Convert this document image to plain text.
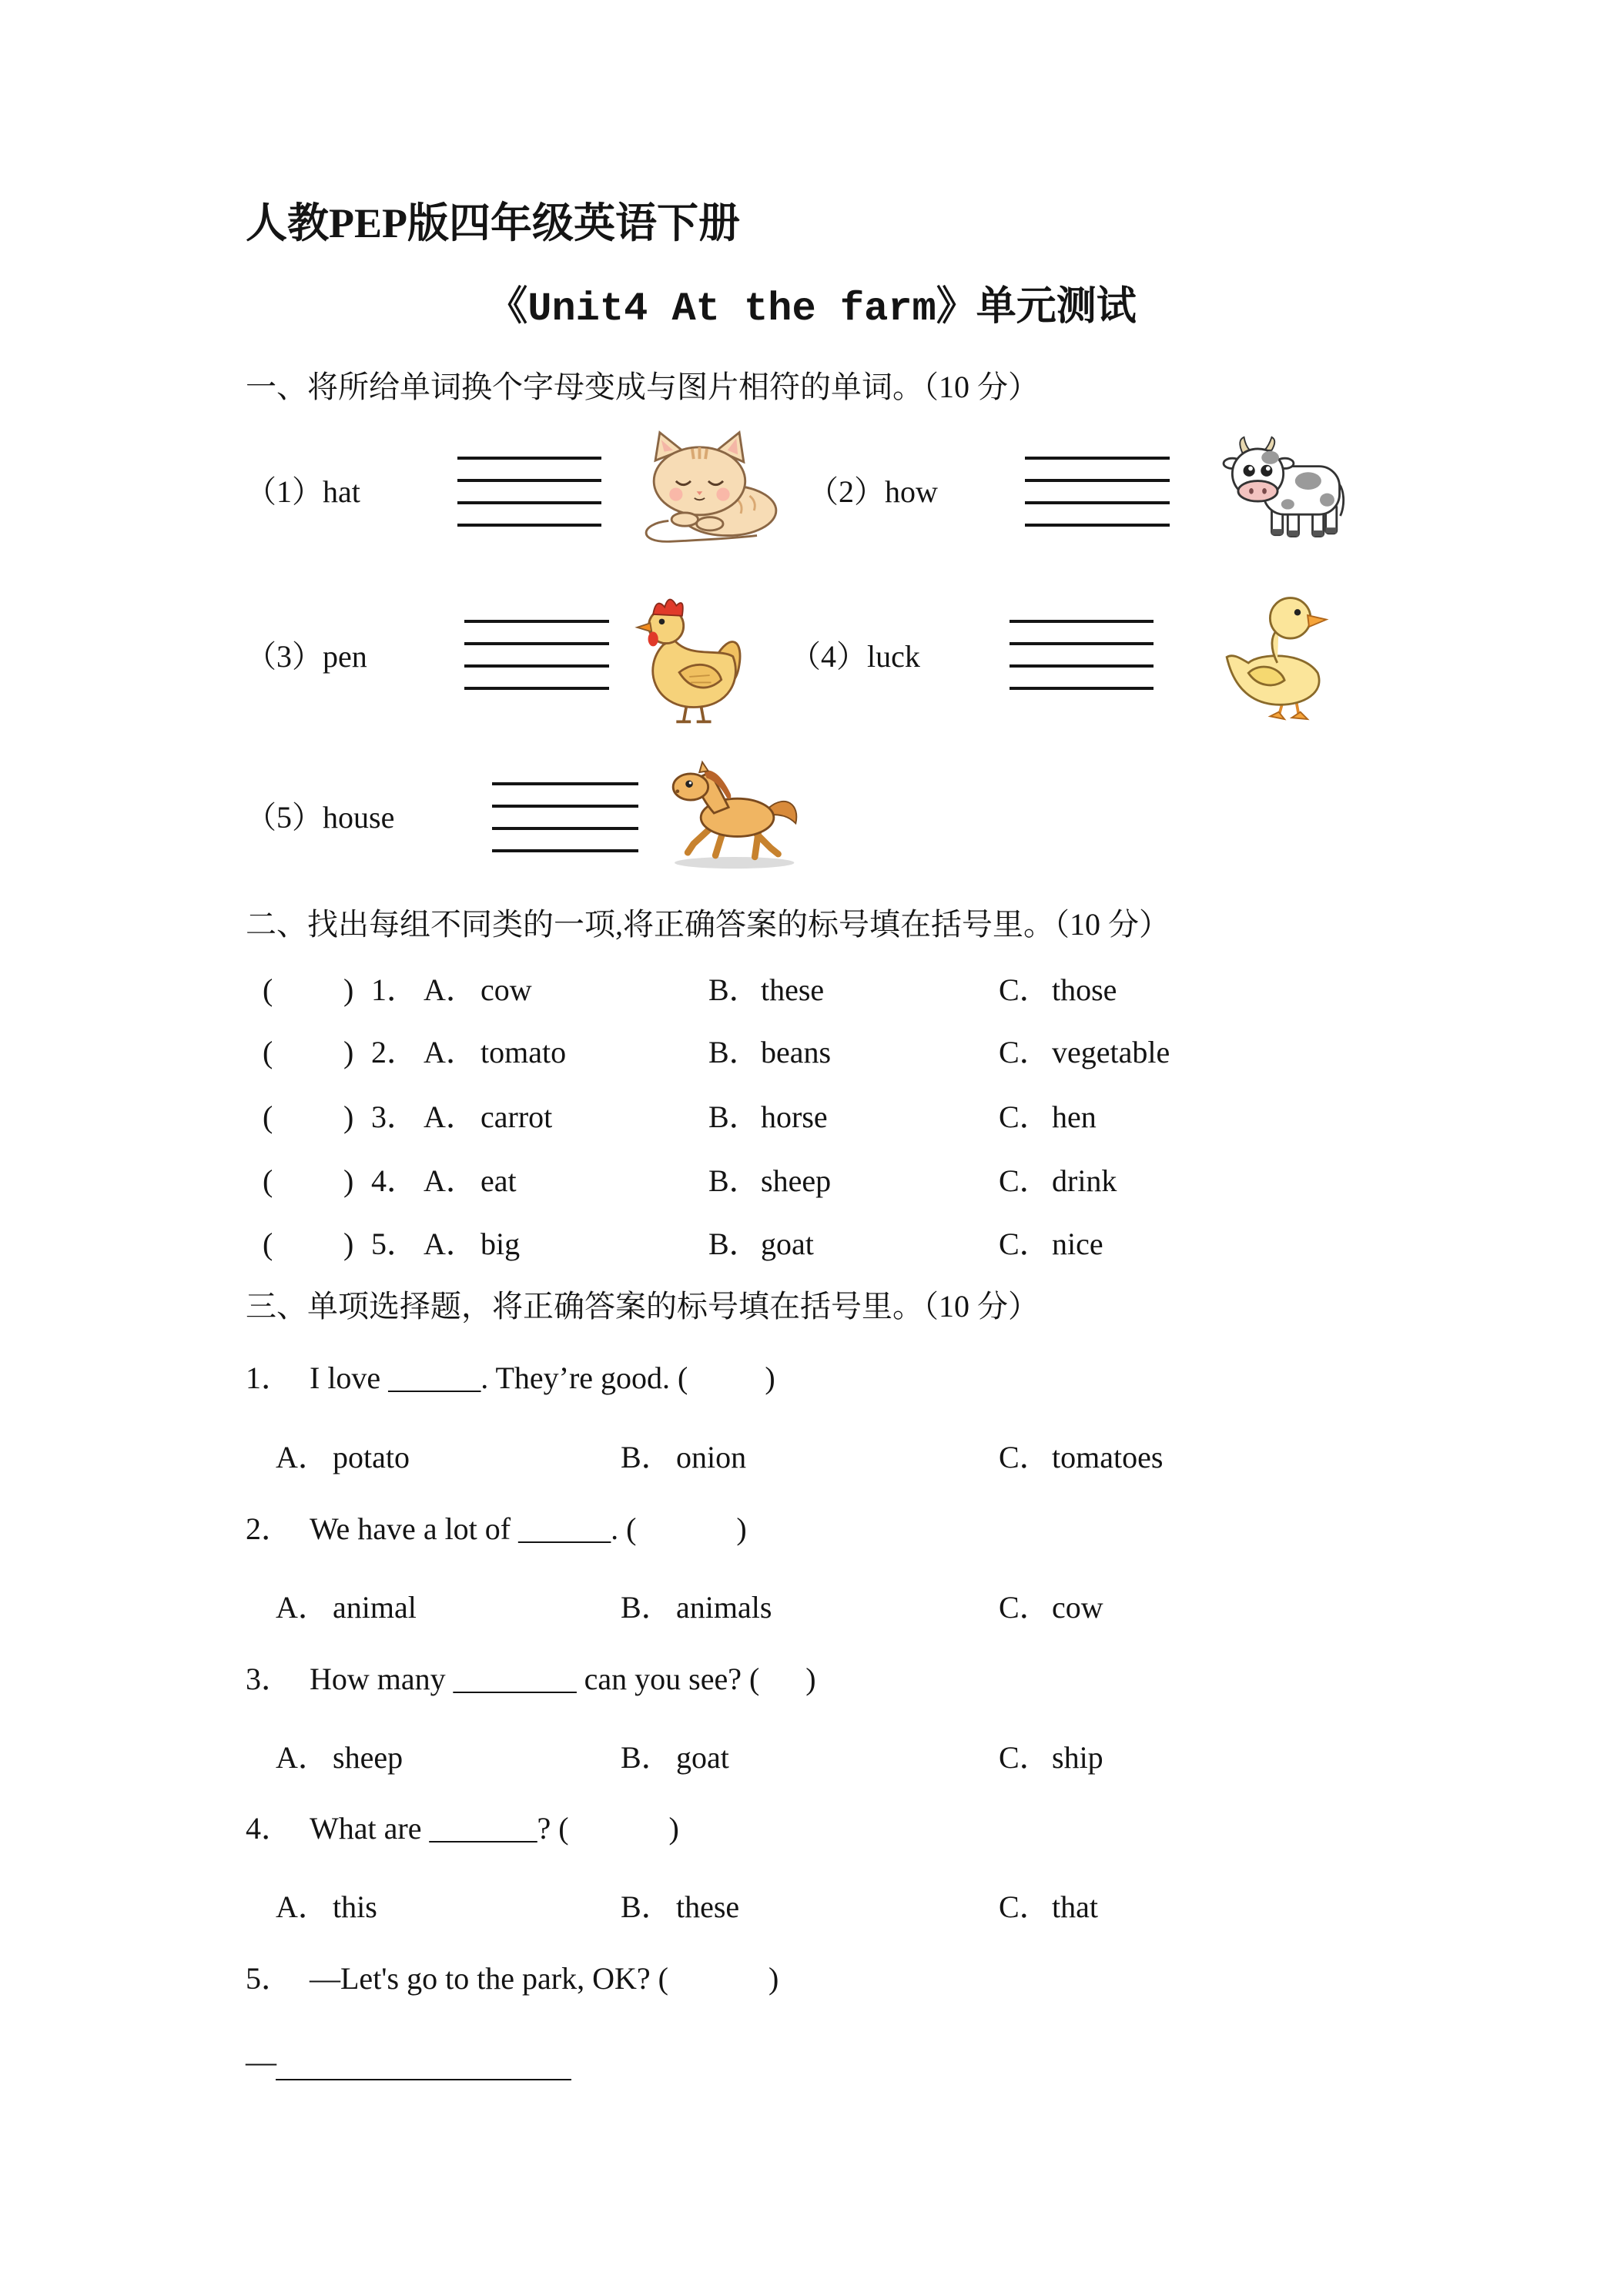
人教PEP版四年级英语下册
《Unit4 At the farm》单元测试
一、将所给单词换个字母变成与图片相符的单词。（10 分）
（1）hat	（2）how
（3）pen	（4）luck
（5）house
二、找出每组不同类的一项,将正确答案的标号填在括号里。（10 分）
( ) 1． A． cow	B． these	C． those
( ) 2． A． tomato	B． beans	C． vegetable
( ) 3． A． carrot	B． horse	C． hen
( ) 4． A． eat	B． sheep	C． drink
( ) 5． A． big	B． goat	C． nice
三、单项选择题，将正确答案的标号填在括号里。（10 分）
1． I love ______. They’re good. (          )
A． potato	B． onion	C． tomatoes
2． We have a lot of ______. (             )
A． animal	B． animals	C． cow
3． How many ________ can you see? (      )
A． sheep	B． goat	C． ship
4． What are _______? (             )
A． this	B． these	C． that
5． —Let's go to the park, OK? (             )
—
